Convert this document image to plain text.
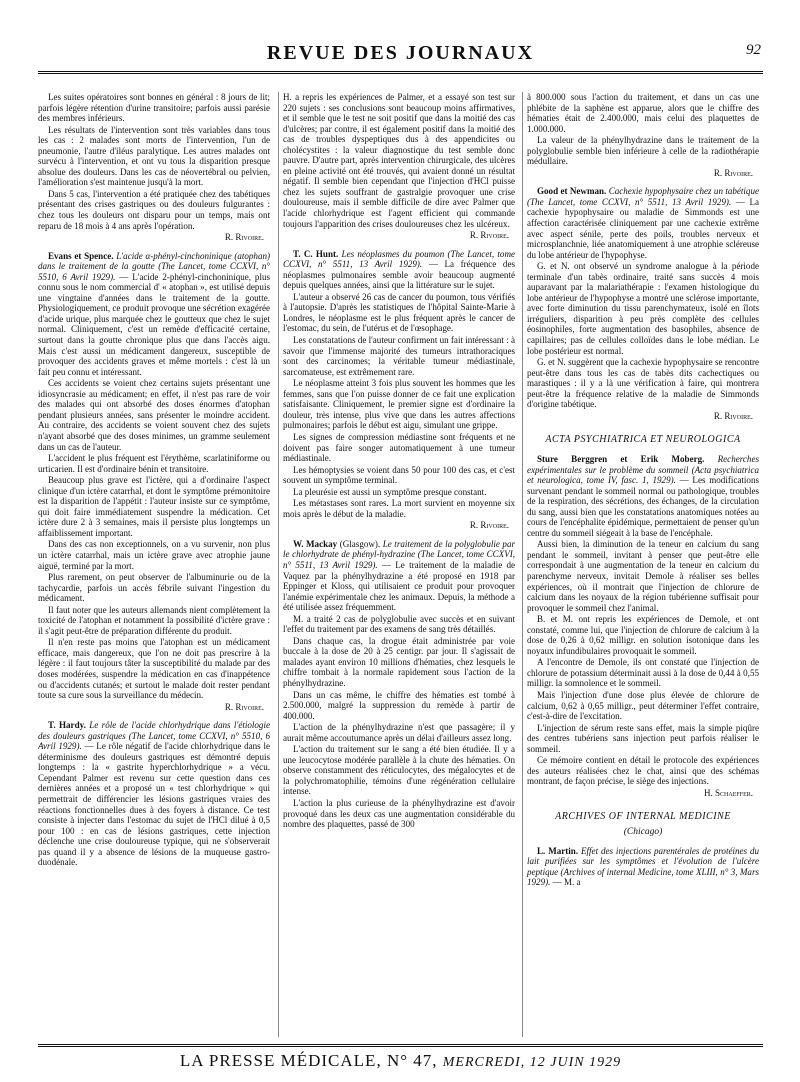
REVUE DES JOURNAUX	92

Les suites opératoires sont bonnes en général : 8 jours de lit; parfois légère rétention d'urine transitoire; parfois aussi parésie des membres inférieurs.

Les résultats de l'intervention sont très variables dans tous les cas : 2 malades sont morts de l'intervention, l'un de pneumonie, l'autre d'iléus paralytique. Les autres malades ont survécu à l'intervention, et ont vu tous la disparition presque absolue des douleurs. Dans les cas de néovertébral ou pelvien, l'amélioration s'est maintenue jusqu'à la mort.

Dans 5 cas, l'intervention a été pratiquée chez des tabétiques présentant des crises gastriques ou des douleurs fulgurantes : chez tous les douleurs ont disparu pour un temps, mais ont reparu de 18 mois à 4 ans après l'opération.

R. Rivoire.

Evans et Spence. L'acide α-phényl-cinchoninique (atophan) dans le traitement de la goutte (The Lancet, tome CCXVI, n° 5510, 6 Avril 1929). — L'acide 2-phényl-cinchoninique, plus connu sous le nom commercial d' « atophan », est utilisé depuis une vingtaine d'années dans le traitement de la goutte. Physiologiquement, ce produit provoque une sécrétion exagérée d'acide urique, plus marquée chez le goutteux que chez le sujet normal. Cliniquement, c'est un remède d'efficacité certaine, surtout dans la goutte chronique plus que dans l'accès aigu. Mais c'est aussi un médicament dangereux, susceptible de provoquer des accidents graves et même mortels : c'est là un fait peu connu et intéressant.

Ces accidents se voient chez certains sujets présentant une idiosyncrasie au médicament; en effet, il n'est pas rare de voir des malades qui ont absorbé des doses énormes d'atophan pendant plusieurs années, sans présenter le moindre accident. Au contraire, des accidents se voient souvent chez des sujets n'ayant absorbé que des doses minimes, un gramme seulement dans un cas de l'auteur.

L'accident le plus fréquent est l'érythème, scarlatiniforme ou urticarien. Il est d'ordinaire bénin et transitoire.

Beaucoup plus grave est l'ictère, qui a d'ordinaire l'aspect clinique d'un ictère catarrhal, et dont le symptôme prémonitoire est la disparition de l'appétit : l'auteur insiste sur ce symptôme, qui doit faire immédiatement suspendre la médication. Cet ictère dure 2 à 3 semaines, mais il persiste plus longtemps un affaiblissement important.

Dans des cas non exceptionnels, on a vu survenir, non plus un ictère catarrhal, mais un ictère grave avec atrophie jaune aiguë, terminé par la mort.

Plus rarement, on peut observer de l'albuminurie ou de la tachycardie, parfois un accès fébrile suivant l'ingestion du médicament.

Il faut noter que les auteurs allemands nient complètement la toxicité de l'atophan et notamment la possibilité d'ictère grave : il s'agit peut-être de préparation différente du produit.

Il n'en reste pas moins que l'atophan est un médicament efficace, mais dangereux, que l'on ne doit pas prescrire à la légère : il faut toujours tâter la susceptibilité du malade par des doses modérées, suspendre la médication en cas d'inappétence ou d'accidents cutanés; et surtout le malade doit rester pendant toute sa cure sous la surveillance du médecin.

R. Rivoire.

T. Hardy. Le rôle de l'acide chlorhydrique dans l'étiologie des douleurs gastriques (The Lancet, tome CCXVI, n° 5510, 6 Avril 1929). — Le rôle négatif de l'acide chlorhydrique dans le déterminisme des douleurs gastriques est démontré depuis longtemps : la « gastrite hyperchlorhydrique » a vécu. Cependant Palmer est revenu sur cette question dans ces dernières années et a proposé un « test chlorhydrique » qui permettrait de différencier les lésions gastriques vraies des réactions fonctionnelles dues à des foyers à distance. Ce test consiste à injecter dans l'estomac du sujet de l'HCl dilué à 0,5 pour 100 : en cas de lésions gastriques, cette injection déclenche une crise douloureuse typique, qui ne s'observerait pas quand il y a absence de lésions de la muqueuse gastro-duodénale.

H. a repris les expériences de Palmer, et a essayé son test sur 220 sujets : ses conclusions sont beaucoup moins affirmatives, et il semble que le test ne soit positif que dans la moitié des cas d'ulcères; par contre, il est également positif dans la moitié des cas de troubles dyspeptiques dus à des appendicites ou cholécystites : la valeur diagnostique du test semble donc pauvre. D'autre part, après intervention chirurgicale, des ulcères en pleine activité ont été trouvés, qui avaient donné un résultat négatif. Il semble bien cependant que l'injection d'HCl puisse chez les sujets souffrant de gastralgie provoquer une crise douloureuse, mais il semble difficile de dire avec Palmer que l'acide chlorhydrique est l'agent efficient qui commande toujours l'apparition des crises douloureuses chez les ulcéreux.

R. Rivoire.

T. C. Hunt. Les néoplasmes du poumon (The Lancet, tome CCXVI, n° 5511, 13 Avril 1929). — La fréquence des néoplasmes pulmonaires semble avoir beaucoup augmenté depuis quelques années, ainsi que la littérature sur le sujet.

L'auteur a observé 26 cas de cancer du poumon, tous vérifiés à l'autopsie. D'après les statistiques de l'hôpital Sainte-Marie à Londres, le néoplasme est le plus fréquent après le cancer de l'estomac, du sein, de l'utérus et de l'œsophage.

Les constatations de l'auteur confirment un fait intéressant : à savoir que l'immense majorité des tumeurs intrathoraciques sont des carcinomes; la véritable tumeur médiastinale, sarcomateuse, est extrêmement rare.

Le néoplasme atteint 3 fois plus souvent les hommes que les femmes, sans que l'on puisse donner de ce fait une explication satisfaisante. Cliniquement, le premier signe est d'ordinaire la douleur, très intense, plus vive que dans les autres affections pulmonaires; parfois le début est aigu, simulant une grippe.

Les signes de compression médiastine sont fréquents et ne doivent pas faire songer automatiquement à une tumeur médiastinale.

Les hémoptysies se voient dans 50 pour 100 des cas, et c'est souvent un symptôme terminal.

La pleurésie est aussi un symptôme presque constant.

Les métastases sont rares. La mort survient en moyenne six mois après le début de la maladie.

R. Rivoire.

W. Mackay (Glasgow). Le traitement de la polyglobulie par le chlorhydrate de phényl-hydrazine (The Lancet, tome CCXVI, n° 5511, 13 Avril 1929). — Le traitement de la maladie de Vaquez par la phénylhydrazine a été proposé en 1918 par Eppinger et Kloss, qui utilisaient ce produit pour provoquer l'anémie expérimentale chez les animaux. Depuis, la méthode a été utilisée assez fréquemment.

M. a traité 2 cas de polyglobulie avec succès et en suivant l'effet du traitement par des examens de sang très détaillés.

Dans chaque cas, la drogue était administrée par voie buccale à la dose de 20 à 25 centigr. par jour. Il s'agissait de malades ayant environ 10 millions d'hématies, chez lesquels le chiffre tombait à la normale rapidement sous l'action de la phénylhydrazine.

Dans un cas même, le chiffre des hématies est tombé à 2.500.000, malgré la suppression du remède à partir de 400.000.

L'action de la phénylhydrazine n'est que passagère; il y aurait même accoutumance après un délai d'ailleurs assez long.

L'action du traitement sur le sang a été bien étudiée. Il y a une leucocytose modérée parallèle à la chute des hématies. On observe constamment des réticulocytes, des mégalocytes et de la polychromatophilie, témoins d'une régénération cellulaire intense.

L'action la plus curieuse de la phénylhydrazine est d'avoir provoqué dans les deux cas une augmentation considérable du nombre des plaquettes, passé de 300

à 800.000 sous l'action du traitement, et dans un cas une phlébite de la saphène est apparue, alors que le chiffre des hématies était de 2.400.000, mais celui des plaquettes de 1.000.000.

La valeur de la phénylhydrazine dans le traitement de la polyglobulie semble bien inférieure à celle de la radiothérapie médullaire.

R. Rivoire.

Good et Newman. Cachexie hypophysaire chez un tabétique (The Lancet, tome CCXVI, n° 5511, 13 Avril 1929). — La cachexie hypophysaire ou maladie de Simmonds est une affection caractérisée cliniquement par une cachexie extrême avec aspect sénile, perte des poils, troubles nerveux et microsplanchnie, liée anatomiquement à une atrophie scléreuse du lobe antérieur de l'hypophyse.

G. et N. ont observé un syndrome analogue à la période terminale d'un tabès ordinaire, traité sans succès 4 mois auparavant par la malariathérapie : l'examen histologique du lobe antérieur de l'hypophyse a montré une sclérose importante, avec forte diminution du tissu parenchymateux, isolé en îlots irréguliers, disparition à peu près complète des cellules éosinophiles, forte augmentation des basophiles, absence de capillaires; pas de cellules colloïdes dans le lobe médian. Le lobe postérieur est normal.

G. et N. suggèrent que la cachexie hypophysaire se rencontre peut-être dans tous les cas de tabès dits cachectiques ou marastiques : il y a là une vérification à faire, qui montrera peut-être la fréquence relative de la maladie de Simmonds d'origine tabétique.

R. Rivoire.
ACTA PSYCHIATRICA ET NEUROLOGICA

Sture Berggren et Erik Moberg. Recherches expérimentales sur le problème du sommeil (Acta psychiatrica et neurologica, tome IV, fasc. 1, 1929). — Les modifications survenant pendant le sommeil normal ou pathologique, troubles de la respiration, des sécrétions, des échanges, de la circulation du sang, aussi bien que les constatations anatomiques notées au cours de l'encéphalite épidémique, permettaient de penser qu'un centre du sommeil siégeait à la base de l'encéphale.

Aussi bien, la diminution de la teneur en calcium du sang pendant le sommeil, invitant à penser que peut-être elle correspondait à une augmentation de la teneur en calcium du parenchyme nerveux, invitait Demole à réaliser ses belles expériences, où il montrait que l'injection de chlorure de calcium dans les noyaux de la région tubérienne suffisait pour provoquer le sommeil chez l'animal.

B. et M. ont repris les expériences de Demole, et ont constaté, comme lui, que l'injection de chlorure de calcium à la dose de 0,26 à 0,62 milligr. en solution isotonique dans les noyaux infundibulaires provoquait le sommeil.

A l'encontre de Demole, ils ont constaté que l'injection de chlorure de potassium déterminait aussi à la dose de 0,44 à 0,55 milligr. la somnolence et le sommeil.

Mais l'injection d'une dose plus élevée de chlorure de calcium, 0,62 à 0,65 milligr., peut déterminer l'effet contraire, c'est-à-dire de l'excitation.

L'injection de sérum reste sans effet, mais la simple piqûre des centres tubériens sans injection peut parfois réaliser le sommeil.

Ce mémoire contient en détail le protocole des expériences des auteurs réalisées chez le chat, ainsi que des schémas montrant, de façon précise, le siège des injections.

H. Schaeffer.
ARCHIVES OF INTERNAL MEDICINE
(Chicago)

L. Martin. Effet des injections parentérales de protéines du lait purifiées sur les symptômes et l'évolution de l'ulcère peptique (Archives of internal Medicine, tome XLIII, n° 3, Mars 1929). — M. a

LA PRESSE MÉDICALE, N° 47, MERCREDI, 12 JUIN 1929
